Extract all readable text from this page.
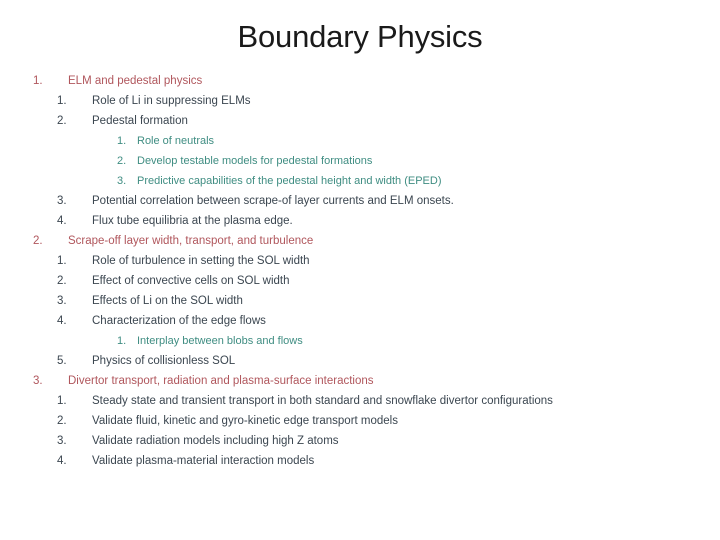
Boundary Physics
1.	ELM and pedestal physics
1.	Role of Li in suppressing ELMs
2.	Pedestal formation
1. Role of neutrals
2. Develop testable models for pedestal formations
3. Predictive capabilities of the pedestal height and width (EPED)
3.	Potential correlation between scrape-of layer currents and ELM onsets.
4.	Flux tube equilibria at the plasma edge.
2.	Scrape-off layer width, transport, and turbulence
1.	Role of turbulence in setting the SOL width
2.	Effect of convective cells on SOL width
3.	Effects of Li on the SOL width
4.	Characterization of the edge flows
1. Interplay between blobs and flows
5.	Physics of collisionless SOL
3.	Divertor transport, radiation and plasma-surface interactions
1.	Steady state and transient transport in both standard and snowflake divertor configurations
2.	Validate fluid, kinetic and gyro-kinetic edge transport models
3.	Validate radiation models including high Z atoms
4.	Validate plasma-material interaction models
